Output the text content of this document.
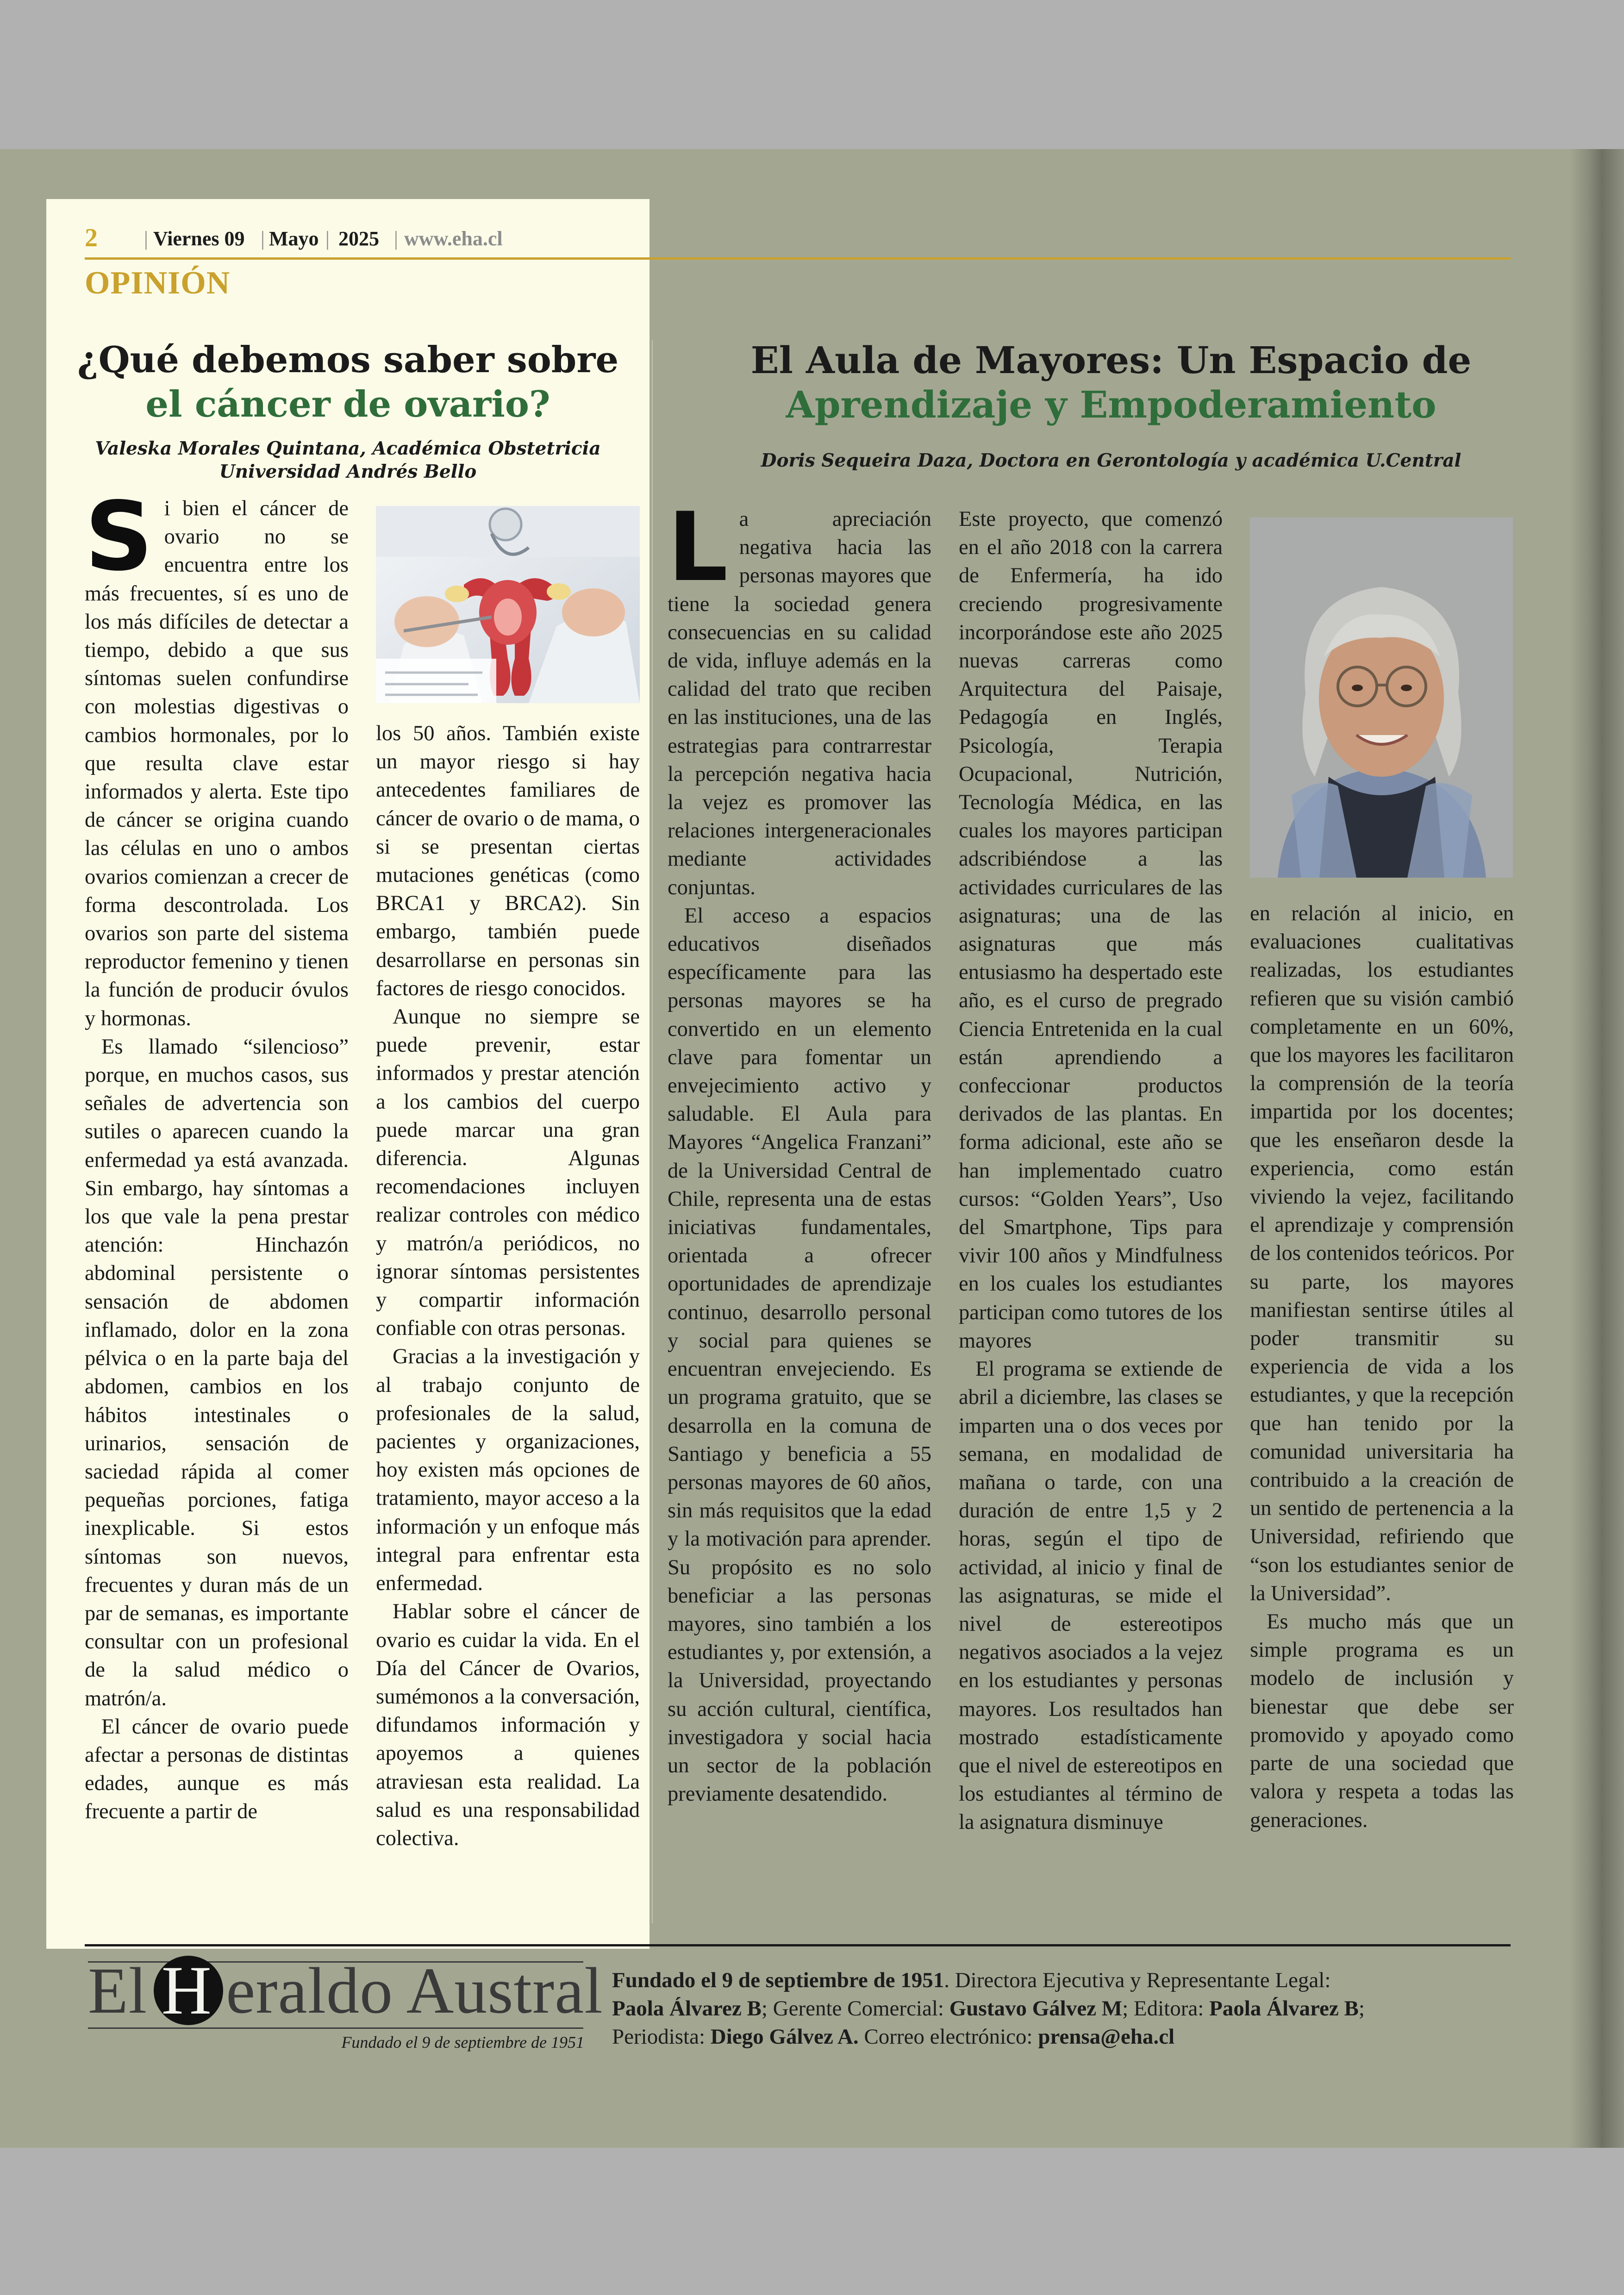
2 | Viernes 09 | Mayo | 2025 | www.eha.cl
OPINIÓN
¿Qué debemos saber sobre
el cáncer de ovario?
Valeska Morales Quintana, Académica Obstetricia
Universidad Andrés Bello

Si bien el cáncer de ovario no se encuentra entre los más frecuentes, sí es uno de los más difíciles de detectar a tiempo, debido a que sus síntomas suelen confundirse con molestias digestivas o cambios hormonales, por lo que resulta clave estar informados y alerta. Este tipo de cáncer se origina cuando las células en uno o ambos ovarios comienzan a crecer de forma descontrolada. Los ovarios son parte del sistema reproductor femenino y tienen la función de producir óvulos y hormonas.

Es llamado “silencioso” porque, en muchos casos, sus señales de advertencia son sutiles o aparecen cuando la enfermedad ya está avanzada. Sin embargo, hay síntomas a los que vale la pena prestar atención: Hinchazón abdominal persistente o sensación de abdomen inflamado, dolor en la zona pélvica o en la parte baja del abdomen, cambios en los hábitos intestinales o urinarios, sensación de saciedad rápida al comer pequeñas porciones, fatiga inexplicable. Si estos síntomas son nuevos, frecuentes y duran más de un par de semanas, es importante consultar con un profesional de la salud médico o matrón/a.

El cáncer de ovario puede afectar a personas de distintas edades, aunque es más frecuente a partir de

los 50 años. También existe un mayor riesgo si hay antecedentes familiares de cáncer de ovario o de mama, o si se presentan ciertas mutaciones genéticas (como BRCA1 y BRCA2). Sin embargo, también puede desarrollarse en personas sin factores de riesgo conocidos.

Aunque no siempre se puede prevenir, estar informados y prestar atención a los cambios del cuerpo puede marcar una gran diferencia. Algunas recomendaciones incluyen realizar controles con médico y matrón/a periódicos, no ignorar síntomas persistentes y compartir información confiable con otras personas.

Gracias a la investigación y al trabajo conjunto de profesionales de la salud, pacientes y organizaciones, hoy existen más opciones de tratamiento, mayor acceso a la información y un enfoque más integral para enfrentar esta enfermedad.

Hablar sobre el cáncer de ovario es cuidar la vida. En el Día del Cáncer de Ovarios, sumémonos a la conversación, difundamos información y apoyemos a quienes atraviesan esta realidad. La salud es una responsabilidad colectiva.

El Aula de Mayores: Un Espacio de
Aprendizaje y Empoderamiento
Doris Sequeira Daza, Doctora en Gerontología y académica U.Central

La apreciación negativa hacia las personas mayores que tiene la sociedad genera consecuencias en su calidad de vida, influye además en la calidad del trato que reciben en las instituciones, una de las estrategias para contrarrestar la percepción negativa hacia la vejez es promover las relaciones intergeneracionales mediante actividades conjuntas.

El acceso a espacios educativos diseñados específicamente para las personas mayores se ha convertido en un elemento clave para fomentar un envejecimiento activo y saludable. El Aula para Mayores “Angelica Franzani” de la Universidad Central de Chile, representa una de estas iniciativas fundamentales, orientada a ofrecer oportunidades de aprendizaje continuo, desarrollo personal y social para quienes se encuentran envejeciendo. Es un programa gratuito, que se desarrolla en la comuna de Santiago y beneficia a 55 personas mayores de 60 años, sin más requisitos que la edad y la motivación para aprender. Su propósito es no solo beneficiar a las personas mayores, sino también a los estudiantes y, por extensión, a la Universidad, proyectando su acción cultural, científica, investigadora y social hacia un sector de la población previamente desatendido.

Este proyecto, que comenzó en el año 2018 con la carrera de Enfermería, ha ido creciendo progresivamente incorporándose este año 2025 nuevas carreras como Arquitectura del Paisaje, Pedagogía en Inglés, Psicología, Terapia Ocupacional, Nutrición, Tecnología Médica, en las cuales los mayores participan adscribiéndose a las actividades curriculares de las asignaturas; una de las asignaturas que más entusiasmo ha despertado este año, es el curso de pregrado Ciencia Entretenida en la cual están aprendiendo a confeccionar productos derivados de las plantas. En forma adicional, este año se han implementado cuatro cursos: “Golden Years”, Uso del Smartphone, Tips para vivir 100 años y Mindfulness en los cuales los estudiantes participan como tutores de los mayores

El programa se extiende de abril a diciembre, las clases se imparten una o dos veces por semana, en modalidad de mañana o tarde, con una duración de entre 1,5 y 2 horas, según el tipo de actividad, al inicio y final de las asignaturas, se mide el nivel de estereotipos negativos asociados a la vejez en los estudiantes y personas mayores. Los resultados han mostrado estadísticamente que el nivel de estereotipos en los estudiantes al término de la asignatura disminuye

en relación al inicio, en evaluaciones cualitativas realizadas, los estudiantes refieren que su visión cambió completamente en un 60%, que los mayores les facilitaron la comprensión de la teoría impartida por los docentes; que les enseñaron desde la experiencia, como están viviendo la vejez, facilitando el aprendizaje y comprensión de los contenidos teóricos. Por su parte, los mayores manifiestan sentirse útiles al poder transmitir su experiencia de vida a los estudiantes, y que la recepción que han tenido por la comunidad universitaria ha contribuido a la creación de un sentido de pertenencia a la Universidad, refiriendo que “son los estudiantes senior de la Universidad”.

Es mucho más que un simple programa es un modelo de inclusión y bienestar que debe ser promovido y apoyado como parte de una sociedad que valora y respeta a todas las generaciones.

El H eraldo Austral
Fundado el 9 de septiembre de 1951
Fundado el 9 de septiembre de 1951. Directora Ejecutiva y Representante Legal:
Paola Álvarez B; Gerente Comercial: Gustavo Gálvez M; Editora: Paola Álvarez B;
Periodista: Diego Gálvez A. Correo electrónico: prensa@eha.cl
